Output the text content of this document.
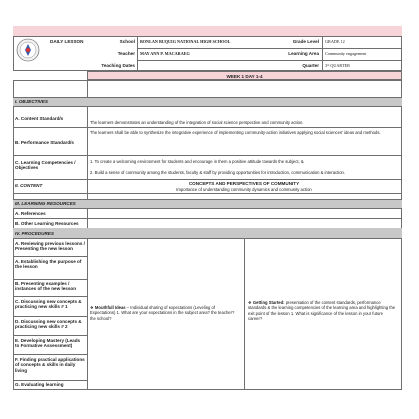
DAILY LESSON	School
Teacher
Teaching Dates
BONLAN BUQUIG NATIONAL HIGH SCHOOL
MAY ANN P. MACARAEG
Grade Level
Learning Area
Quarter
GRADE 12
Community engagement
3ʳᵈ QUARTER
WEEK 1 DAY 1-4
I. OBJECTIVES
A. Content Standard/s
The learners demonstrates an understanding of the integration of social science perspective and community action.
B. Performance Standard/s
The learners shall be able to synthesize the integrative experience of implementing community-action initiatives applying social sciences' ideas and methods.
C. Learning Competencies / Objectives
1. To create a welcoming environment for students and encourage in them a positive attitude towards the subject, &
2. Build a sense of community among the students, faculty & staff by providing opportunities for introduction, communication & interaction.
II. CONTENT	CONCEPTS AND PERSPECTIVES OF COMMUNITY
Importance of understanding community dynamics and community action
III. LEARNING RESOURCES
A. References
B. Other Learning Resources
IV. PROCEDURES
A. Reviewing previous lessons / Presenting the new lesson
A. Establishing the purpose of the lesson
B. Presenting examples / instances of the new lesson
C. Discussing new concepts & practicing new skills # 1
D. Discussing new concepts & practicing new skills # 2
E. Developing Mastery (Leads to Formative Assessment)
F. Finding practical applications of concepts & skills in daily living
G. Evaluating learning
❖ Mouthfull Ideas – Individual sharing of expectations (Leveling of Expectations) 1. What are your expectations in the subject area? the teacher? the school?
❖ Getting Started: presentation of the content standards, performance standards & the learning competencies of the learning area and highlighting the exit point of the lesson 1. What is significance of the lesson in your future career?
